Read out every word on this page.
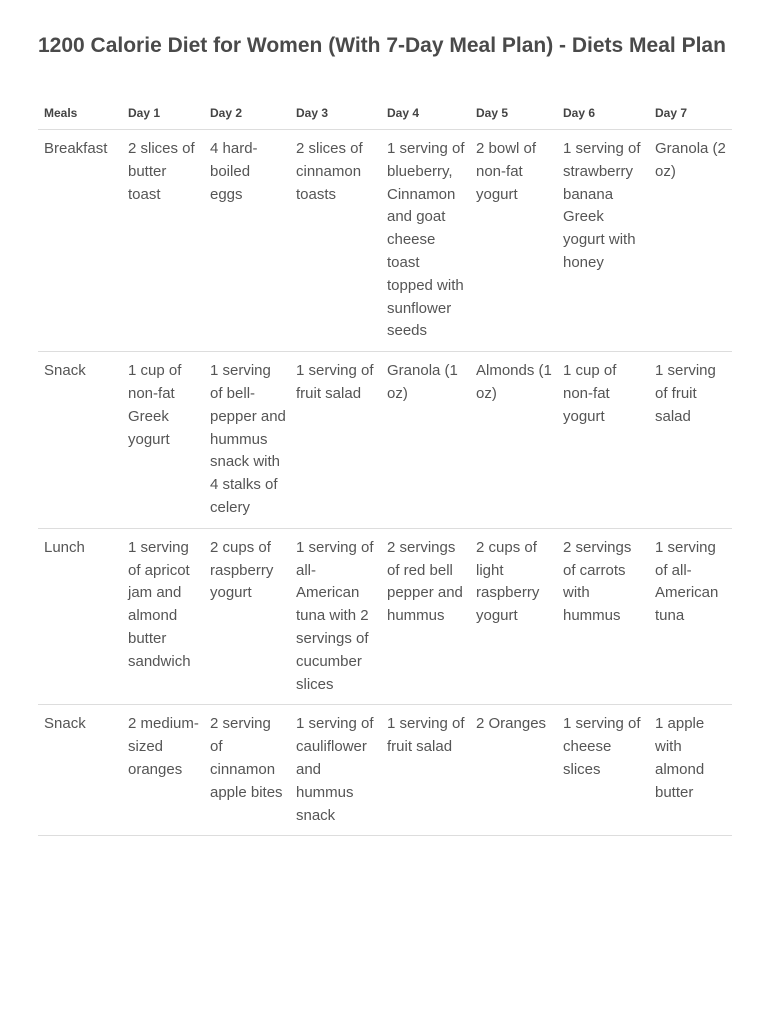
1200 Calorie Diet for Women (With 7-Day Meal Plan) - Diets Meal Plan
Meals	Day 1	Day 2	Day 3	Day 4	Day 5	Day 6	Day 7
Breakfast	2 slices of butter toast	4 hard-boiled eggs	2 slices of cinnamon toasts	1 serving of blueberry, Cinnamon and goat cheese toast topped with sunflower seeds	2 bowl of non-fat yogurt	1 serving of strawberry banana Greek yogurt with honey	Granola (2 oz)
Snack	1 cup of non-fat Greek yogurt	1 serving of bell-pepper and hummus snack with 4 stalks of celery	1 serving of fruit salad	Granola (1 oz)	Almonds (1 oz)	1 cup of non-fat yogurt	1 serving of fruit salad
Lunch	1 serving of apricot jam and almond butter sandwich	2 cups of raspberry yogurt	1 serving of all-American tuna with 2 servings of cucumber slices	2 servings of red bell pepper and hummus	2 cups of light raspberry yogurt	2 servings of carrots with hummus	1 serving of all-American tuna
Snack	2 medium-sized oranges	2 serving of cinnamon apple bites	1 serving of cauliflower and hummus snack	1 serving of fruit salad	2 Oranges	1 serving of cheese slices	1 apple with almond butter
